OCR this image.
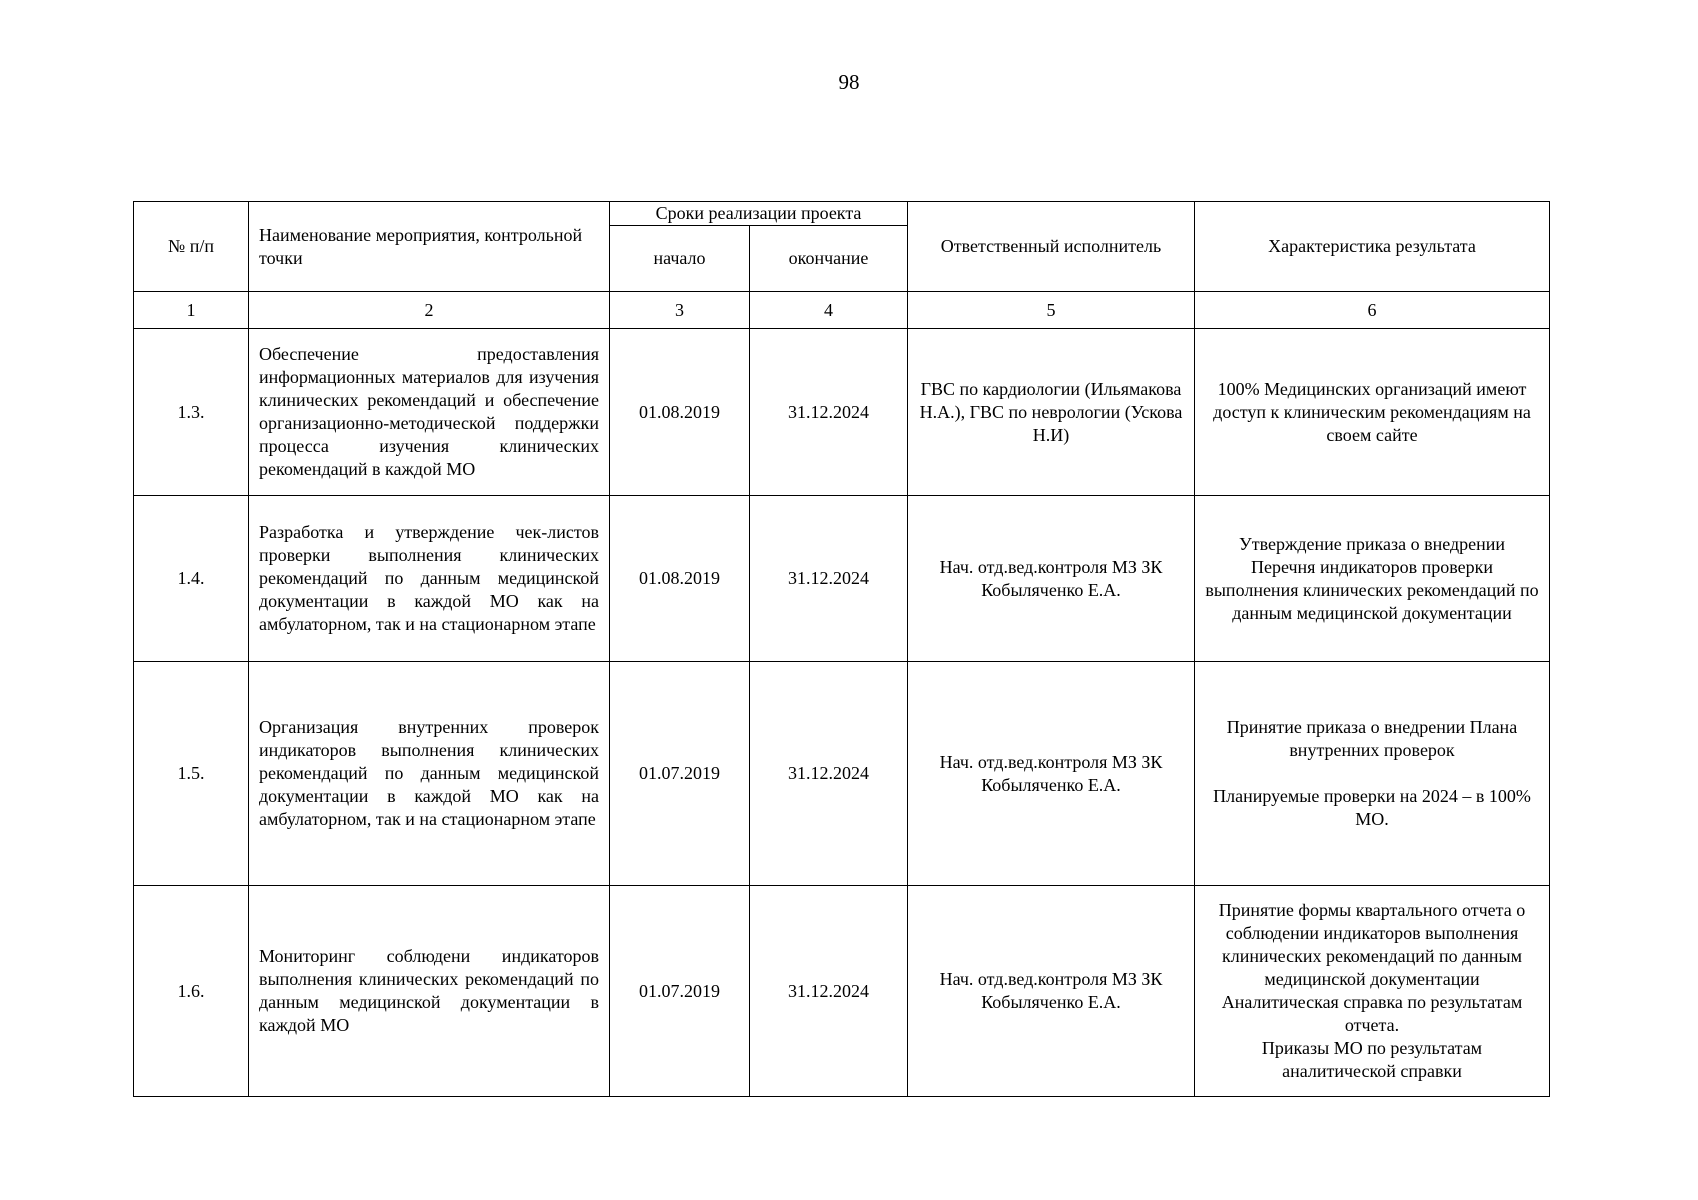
98
№ п/п	Наименование мероприятия, контрольной точки	Сроки реализации проекта		Ответственный исполнитель	Характеристика результата
		начало	окончание		
1	2	3	4	5	6
1.3.	Обеспечение предоставления информационных материалов для изучения клинических рекомендаций и обеспечение организационно-методической поддержки процесса изучения клинических рекомендаций в каждой МО	01.08.2019	31.12.2024	ГВС по кардиологии (Ильямакова Н.А.), ГВС по неврологии (Ускова Н.И)	100% Медицинских организаций имеют доступ к клиническим рекомендациям на своем сайте

1.4.	Разработка и утверждение чек-листов проверки выполнения клинических рекомендаций по данным медицинской документации в каждой МО как на амбулаторном, так и на стационарном этапе	01.08.2019	31.12.2024	Нач. отд.вед.контроля МЗ ЗК Кобыляченко Е.А.	Утверждение приказа о внедрении Перечня индикаторов проверки выполнения клинических рекомендаций по данным медицинской документации

1.5.	Организация внутренних проверок индикаторов выполнения клинических рекомендаций по данным медицинской документации в каждой МО как на амбулаторном, так и на стационарном этапе	01.07.2019	31.12.2024	Нач. отд.вед.контроля МЗ ЗК Кобыляченко Е.А.	Принятие приказа о внедрении Плана внутренних проверок
Планируемые проверки на 2024 – в 100% МО.

1.6.	Мониторинг соблюдени индикаторов выполнения клинических рекомендаций по данным медицинской документации в каждой МО	01.07.2019	31.12.2024	Нач. отд.вед.контроля МЗ ЗК Кобыляченко Е.А.	Принятие формы квартального отчета о соблюдении индикаторов выполнения клинических рекомендаций по данным медицинской документации
Аналитическая справка по результатам отчета.
Приказы МО по результатам аналитической справки
